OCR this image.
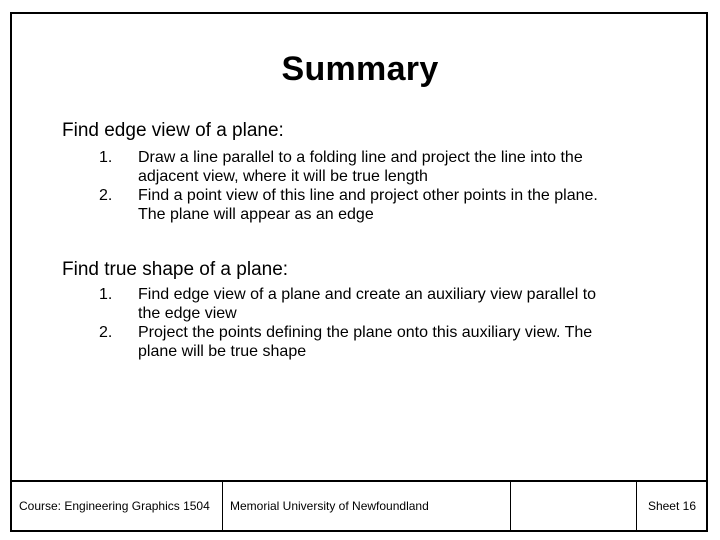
Summary

Find edge view of a plane:

1. Draw a line parallel to a folding line and project the line into the
adjacent view, where it will be true length
2. Find a point view of this line and project other points in the plane.
The plane will appear as an edge

Find true shape of a plane:

1. Find edge view of a plane and create an auxiliary view parallel to
the edge view
2. Project the points defining the plane onto this auxiliary view. The
plane will be true shape
Course: Engineering Graphics 1504 Memorial University of Newfoundland	Sheet 16
